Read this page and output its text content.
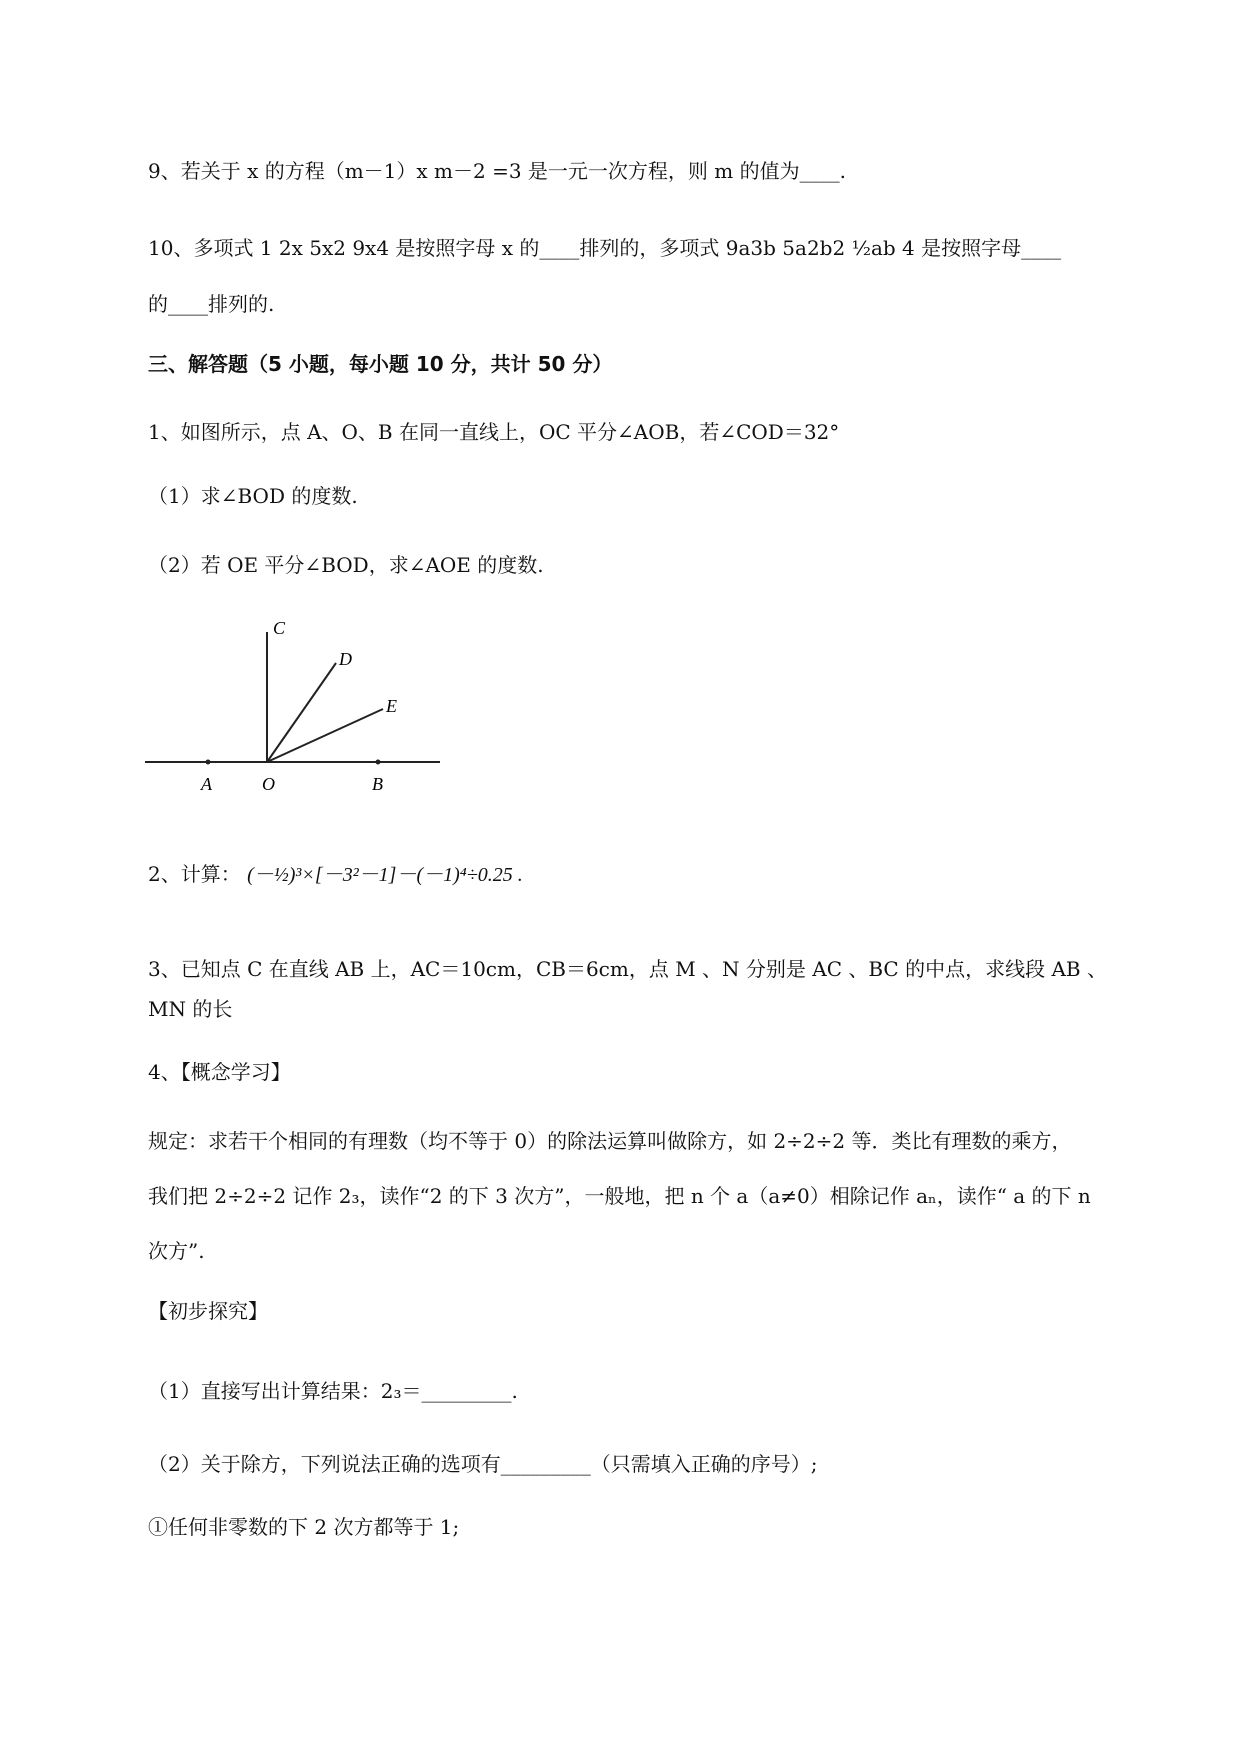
9、若关于 x 的方程（m－1）x m－2 =3 是一元一次方程，则 m 的值为____.
10、多项式 1 2x 5x2 9x4 是按照字母 x 的____排列的，多项式 9a3b 5a2b2 ½ab 4 是按照字母____
的____排列的.
三、解答题（5 小题，每小题 10 分，共计 50 分）
1、如图所示，点 A、O、B 在同一直线上，OC 平分∠AOB，若∠COD＝32°
（1）求∠BOD 的度数.
（2）若 OE 平分∠BOD，求∠AOE 的度数.
C
D
E
A	O	B
2、计算： (－½)³×[－3²－1]－(－1)⁴÷0.25 .
3、已知点 C 在直线 AB 上，AC＝10cm，CB＝6cm，点 M 、N 分别是 AC 、BC 的中点，求线段 AB 、
MN 的长
4、【概念学习】
规定：求若干个相同的有理数（均不等于 0）的除法运算叫做除方，如 2÷2÷2 等．类比有理数的乘方，
我们把 2÷2÷2 记作 2₃，读作“2 的下 3 次方”，一般地，把 n 个 a（a≠0）相除记作 aₙ，读作“ a 的下 n
次方”.
【初步探究】
（1）直接写出计算结果：2₃＝_________.
（2）关于除方，下列说法正确的选项有_________（只需填入正确的序号）;
①任何非零数的下 2 次方都等于 1;
